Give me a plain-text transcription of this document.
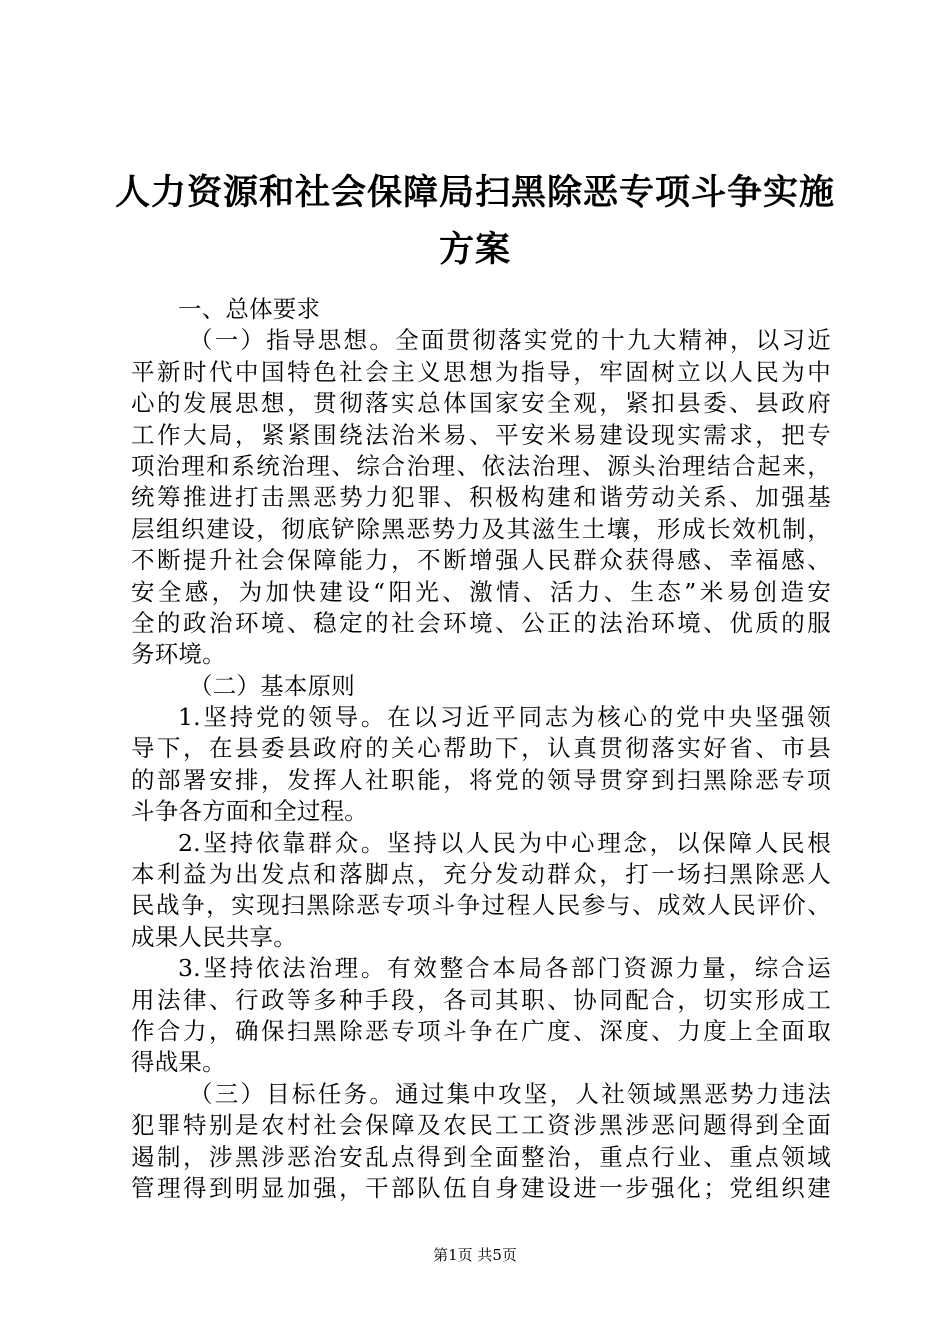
人力资源和社会保障局扫黑除恶专项斗争实施
方案
一、总体要求
（一）指导思想。全面贯彻落实党的十九大精神，以习近
平新时代中国特色社会主义思想为指导，牢固树立以人民为中
心的发展思想，贯彻落实总体国家安全观，紧扣县委、县政府
工作大局，紧紧围绕法治米易、平安米易建设现实需求，把专
项治理和系统治理、综合治理、依法治理、源头治理结合起来，
统筹推进打击黑恶势力犯罪、积极构建和谐劳动关系、加强基
层组织建设，彻底铲除黑恶势力及其滋生土壤，形成长效机制，
不断提升社会保障能力，不断增强人民群众获得感、幸福感、
安全感，为加快建设“阳光、激情、活力、生态”米易创造安
全的政治环境、稳定的社会环境、公正的法治环境、优质的服
务环境。
（二）基本原则
1.坚持党的领导。在以习近平同志为核心的党中央坚强领
导下，在县委县政府的关心帮助下，认真贯彻落实好省、市县
的部署安排，发挥人社职能，将党的领导贯穿到扫黑除恶专项
斗争各方面和全过程。
2.坚持依靠群众。坚持以人民为中心理念，以保障人民根
本利益为出发点和落脚点，充分发动群众，打一场扫黑除恶人
民战争，实现扫黑除恶专项斗争过程人民参与、成效人民评价、
成果人民共享。
3.坚持依法治理。有效整合本局各部门资源力量，综合运
用法律、行政等多种手段，各司其职、协同配合，切实形成工
作合力，确保扫黑除恶专项斗争在广度、深度、力度上全面取
得战果。
（三）目标任务。通过集中攻坚，人社领域黑恶势力违法
犯罪特别是农村社会保障及农民工工资涉黑涉恶问题得到全面
遏制，涉黑涉恶治安乱点得到全面整治，重点行业、重点领域
管理得到明显加强，干部队伍自身建设进一步强化；党组织建
第1页 共5页
